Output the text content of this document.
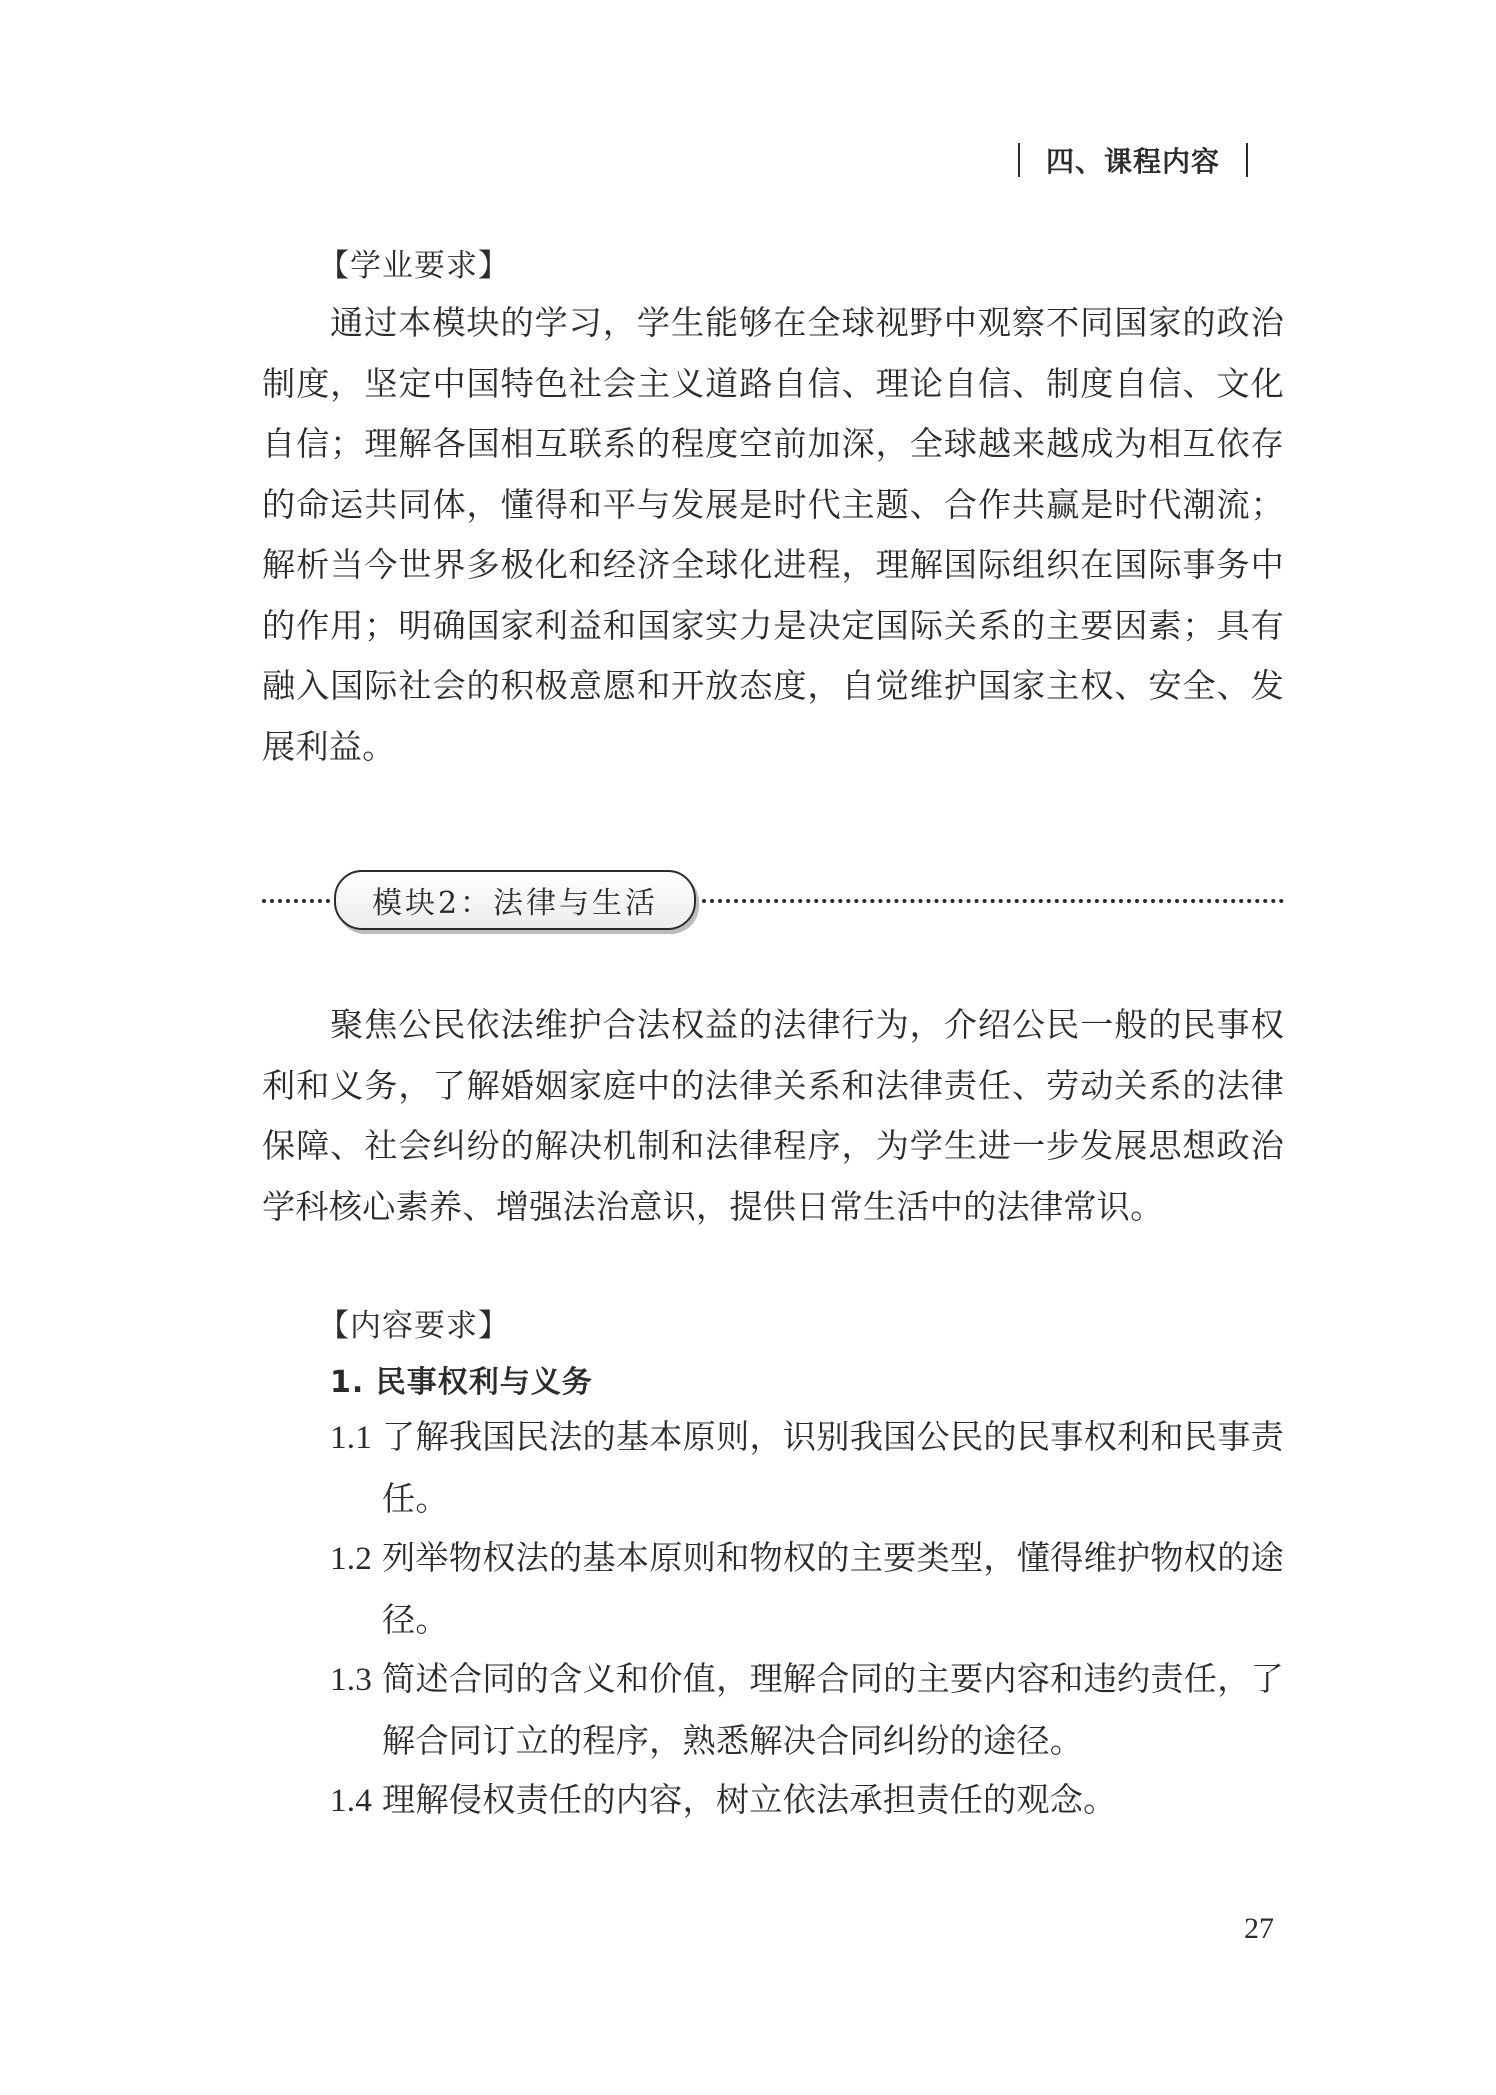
四、课程内容
【学业要求】
通过本模块的学习，学生能够在全球视野中观察不同国家的政治制度，坚定中国特色社会主义道路自信、理论自信、制度自信、文化自信；理解各国相互联系的程度空前加深，全球越来越成为相互依存的命运共同体，懂得和平与发展是时代主题、合作共赢是时代潮流；解析当今世界多极化和经济全球化进程，理解国际组织在国际事务中的作用；明确国家利益和国家实力是决定国际关系的主要因素；具有融入国际社会的积极意愿和开放态度，自觉维护国家主权、安全、发展利益。
模块2：法律与生活
聚焦公民依法维护合法权益的法律行为，介绍公民一般的民事权利和义务，了解婚姻家庭中的法律关系和法律责任、劳动关系的法律保障、社会纠纷的解决机制和法律程序，为学生进一步发展思想政治学科核心素养、增强法治意识，提供日常生活中的法律常识。
【内容要求】
1. 民事权利与义务
1.1 了解我国民法的基本原则，识别我国公民的民事权利和民事责任。
1.2 列举物权法的基本原则和物权的主要类型，懂得维护物权的途径。
1.3 简述合同的含义和价值，理解合同的主要内容和违约责任，了解合同订立的程序，熟悉解决合同纠纷的途径。
1.4 理解侵权责任的内容，树立依法承担责任的观念。
27
